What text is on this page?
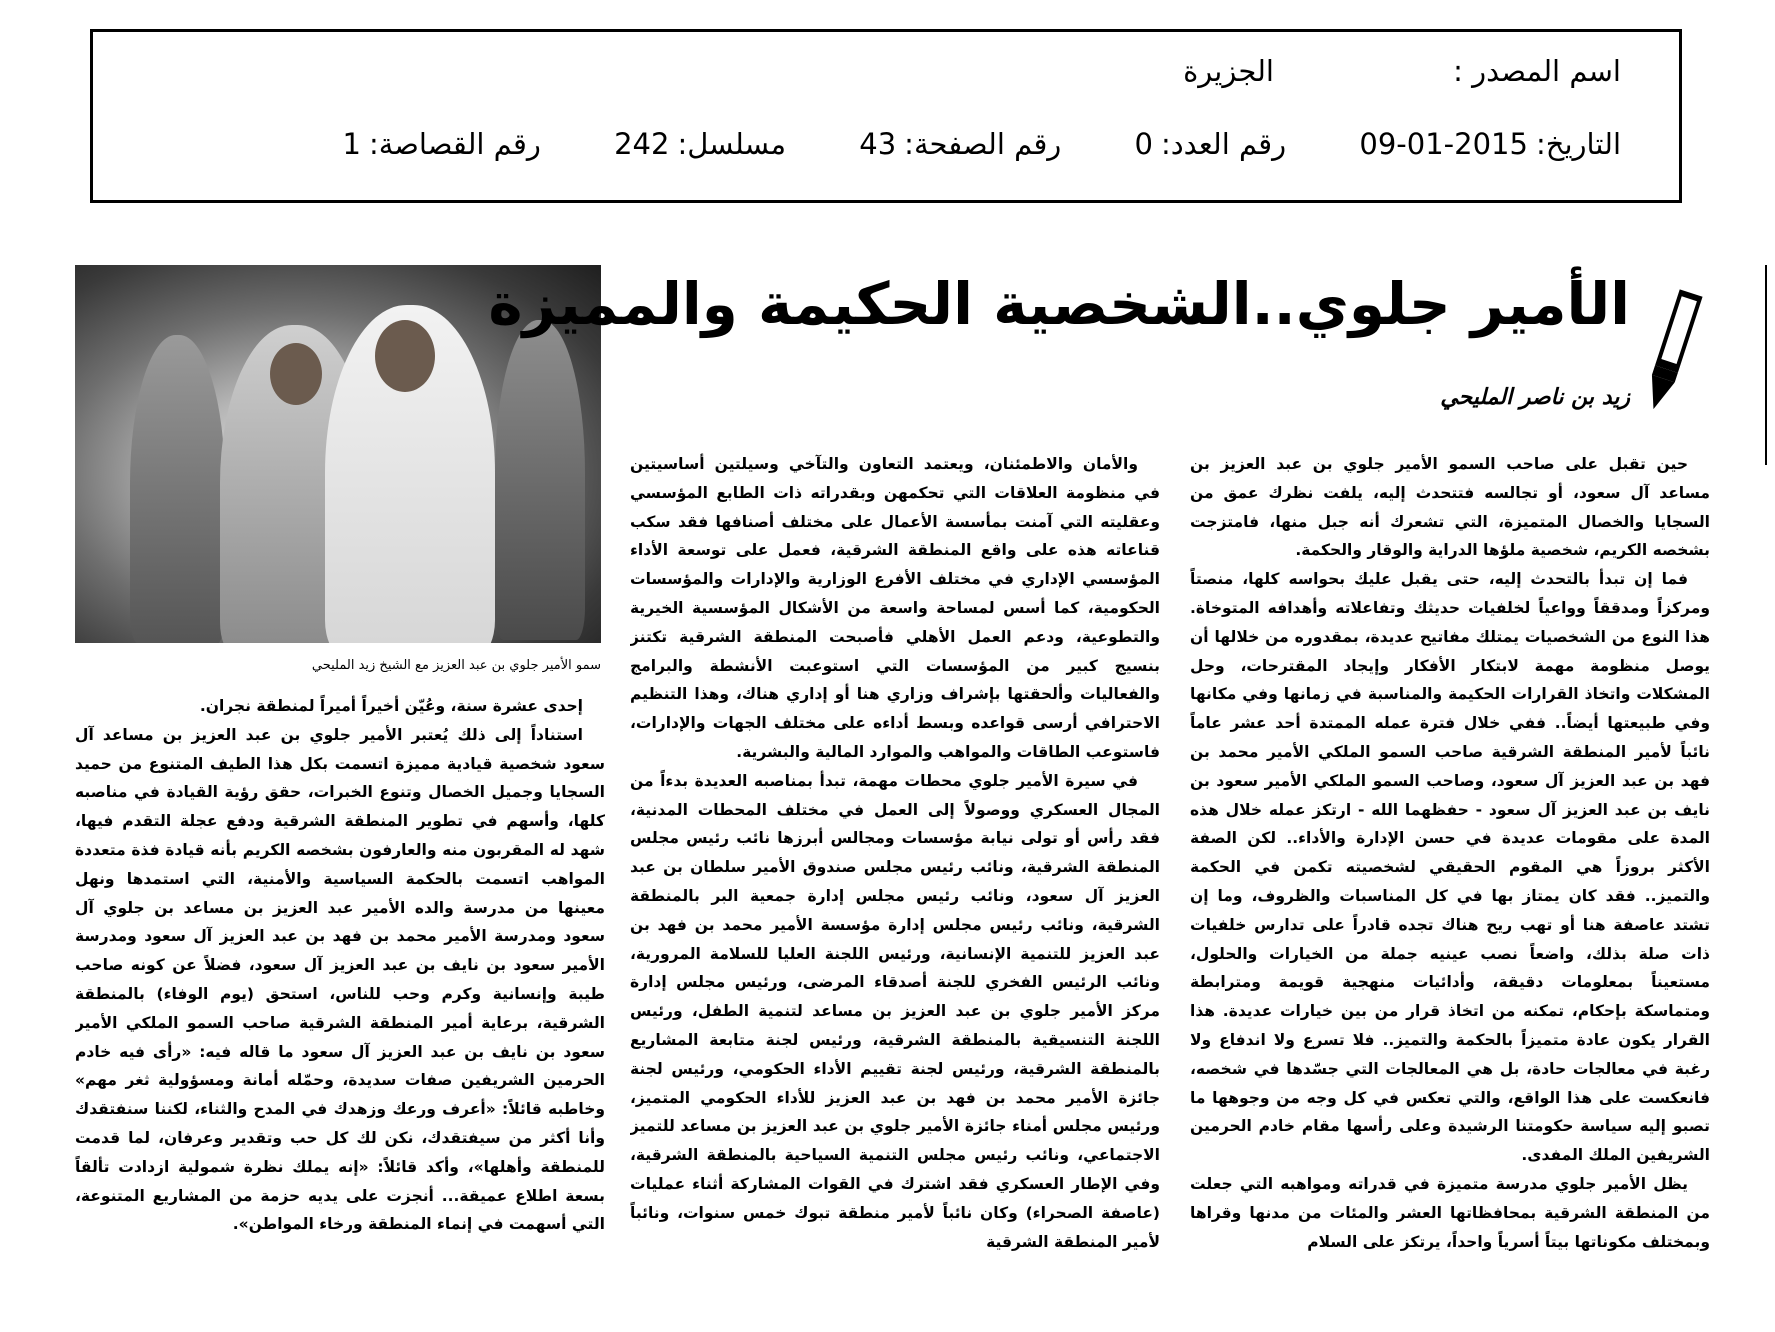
اسم المصدر :
الجزيرة
التاريخ:2015-01-09 رقم العدد:0 رقم الصفحة:43 مسلسل:242 رقم القصاصة:1
سمو الأمير جلوي بن عبد العزيز مع الشيخ زيد المليحي
الأمير جلوي..الشخصية الحكيمة والمميزة
زيد بن ناصر المليحي

حين تقبل على صاحب السمو الأمير جلوي بن عبد العزيز بن مساعد آل سعود، أو تجالسه فتتحدث إليه، يلفت نظرك عمق من السجايا والخصال المتميزة، التي تشعرك أنه جبل منها، فامتزجت بشخصه الكريم، شخصية ملؤها الدراية والوقار والحكمة.

فما إن تبدأ بالتحدث إليه، حتى يقبل عليك بحواسه كلها، منصتاً ومركزاً ومدققاً وواعياً لخلفيات حديثك وتفاعلاته وأهدافه المتوخاة. هذا النوع من الشخصيات يمتلك مفاتيح عديدة، بمقدوره من خلالها أن يوصل منظومة مهمة لابتكار الأفكار وإيجاد المقترحات، وحل المشكلات واتخاذ القرارات الحكيمة والمناسبة في زمانها وفي مكانها وفي طبيعتها أيضاً.. ففي خلال فترة عمله الممتدة أحد عشر عاماً نائباً لأمير المنطقة الشرقية صاحب السمو الملكي الأمير محمد بن فهد بن عبد العزيز آل سعود، وصاحب السمو الملكي الأمير سعود بن نايف بن عبد العزيز آل سعود - حفظهما الله - ارتكز عمله خلال هذه المدة على مقومات عديدة في حسن الإدارة والأداء.. لكن الصفة الأكثر بروزاً هي المقوم الحقيقي لشخصيته تكمن في الحكمة والتميز.. فقد كان يمتاز بها في كل المناسبات والظروف، وما إن تشتد عاصفة هنا أو تهب ريح هناك تجده قادراً على تدارس خلفيات ذات صلة بذلك، واضعاً نصب عينيه جملة من الخيارات والحلول، مستعيناً بمعلومات دقيقة، وأدائيات منهجية قويمة ومترابطة ومتماسكة بإحكام، تمكنه من اتخاذ قرار من بين خيارات عديدة. هذا القرار يكون عادة متميزاً بالحكمة والتميز.. فلا تسرع ولا اندفاع ولا رغبة في معالجات حادة، بل هي المعالجات التي جسّدها في شخصه، فانعكست على هذا الواقع، والتي تعكس في كل وجه من وجوهها ما تصبو إليه سياسة حكومتنا الرشيدة وعلى رأسها مقام خادم الحرمين الشريفين الملك المفدى.

يظل الأمير جلوي مدرسة متميزة في قدراته ومواهبه التي جعلت من المنطقة الشرقية بمحافظاتها العشر والمئات من مدنها وقراها وبمختلف مكوناتها بيتاً أسرياً واحداً، يرتكز على السلام

والأمان والاطمئنان، ويعتمد التعاون والتآخي وسيلتين أساسيتين في منظومة العلاقات التي تحكمهن وبقدراته ذات الطابع المؤسسي وعقليته التي آمنت بمأسسة الأعمال على مختلف أصنافها فقد سكب قناعاته هذه على واقع المنطقة الشرقية، فعمل على توسعة الأداء المؤسسي الإداري في مختلف الأفرع الوزارية والإدارات والمؤسسات الحكومية، كما أسس لمساحة واسعة من الأشكال المؤسسية الخيرية والتطوعية، ودعم العمل الأهلي فأصبحت المنطقة الشرقية تكتنز بنسيج كبير من المؤسسات التي استوعبت الأنشطة والبرامج والفعاليات وألحقتها بإشراف وزاري هنا أو إداري هناك، وهذا التنظيم الاحترافي أرسى قواعده وبسط أداءه على مختلف الجهات والإدارات، فاستوعب الطاقات والمواهب والموارد المالية والبشرية.

في سيرة الأمير جلوي محطات مهمة، تبدأ بمناصبه العديدة بدءاً من المجال العسكري ووصولاً إلى العمل في مختلف المحطات المدنية، فقد رأس أو تولى نيابة مؤسسات ومجالس أبرزها نائب رئيس مجلس المنطقة الشرقية، ونائب رئيس مجلس صندوق الأمير سلطان بن عبد العزيز آل سعود، ونائب رئيس مجلس إدارة جمعية البر بالمنطقة الشرقية، ونائب رئيس مجلس إدارة مؤسسة الأمير محمد بن فهد بن عبد العزيز للتنمية الإنسانية، ورئيس اللجنة العليا للسلامة المرورية، ونائب الرئيس الفخري للجنة أصدقاء المرضى، ورئيس مجلس إدارة مركز الأمير جلوي بن عبد العزيز بن مساعد لتنمية الطفل، ورئيس اللجنة التنسيقية بالمنطقة الشرقية، ورئيس لجنة متابعة المشاريع بالمنطقة الشرقية، ورئيس لجنة تقييم الأداء الحكومي، ورئيس لجنة جائزة الأمير محمد بن فهد بن عبد العزيز للأداء الحكومي المتميز، ورئيس مجلس أمناء جائزة الأمير جلوي بن عبد العزيز بن مساعد للتميز الاجتماعي، ونائب رئيس مجلس التنمية السياحية بالمنطقة الشرقية، وفي الإطار العسكري فقد اشترك في القوات المشاركة أثناء عمليات (عاصفة الصحراء) وكان نائباً لأمير منطقة تبوك خمس سنوات، ونائباً لأمير المنطقة الشرقية

إحدى عشرة سنة، وعُيّن أخيراً أميراً لمنطقة نجران.

استناداً إلى ذلك يُعتبر الأمير جلوي بن عبد العزيز بن مساعد آل سعود شخصية قيادية مميزة اتسمت بكل هذا الطيف المتنوع من حميد السجايا وجميل الخصال وتنوع الخبرات، حقق رؤية القيادة في مناصبه كلها، وأسهم في تطوير المنطقة الشرقية ودفع عجلة التقدم فيها، شهد له المقربون منه والعارفون بشخصه الكريم بأنه قيادة فذة متعددة المواهب اتسمت بالحكمة السياسية والأمنية، التي استمدها ونهل معينها من مدرسة والده الأمير عبد العزيز بن مساعد بن جلوي آل سعود ومدرسة الأمير محمد بن فهد بن عبد العزيز آل سعود ومدرسة الأمير سعود بن نايف بن عبد العزيز آل سعود، فضلاً عن كونه صاحب طيبة وإنسانية وكرم وحب للناس، استحق (يوم الوفاء) بالمنطقة الشرقية، برعاية أمير المنطقة الشرقية صاحب السمو الملكي الأمير سعود بن نايف بن عبد العزيز آل سعود ما قاله فيه: «رأى فيه خادم الحرمين الشريفين صفات سديدة، وحمّله أمانة ومسؤولية ثغر مهم» وخاطبه قائلاً: «أعرف ورعك وزهدك في المدح والثناء، لكننا سنفتقدك وأنا أكثر من سيفتقدك، نكن لك كل حب وتقدير وعرفان، لما قدمت للمنطقة وأهلها»، وأكد قائلاً: «إنه يملك نظرة شمولية ازدادت تألقاً بسعة اطلاع عميقة... أنجزت على يديه حزمة من المشاريع المتنوعة، التي أسهمت في إنماء المنطقة ورخاء المواطن».
